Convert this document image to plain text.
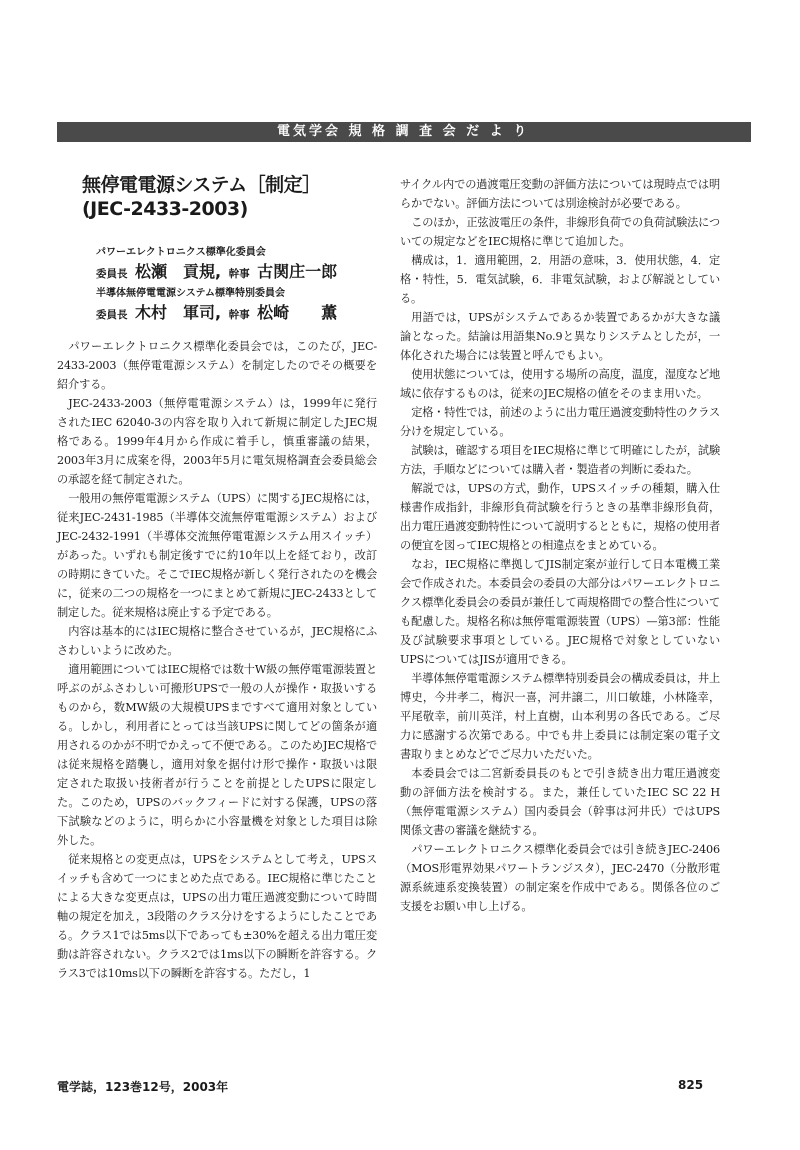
電気学会 規 格 調 査 会 だ よ り
無停電電源システム［制定］
(JEC-2433-2003)
パワーエレクトロニクス標準化委員会
委員長 松瀬　貢規, 幹事 古関庄一郎
半導体無停電電源システム標準特別委員会
委員長 木村　軍司, 幹事 松崎　　薫

パワーエレクトロニクス標準化委員会では，このたび，JEC-2433-2003（無停電電源システム）を制定したのでその概要を紹介する。

JEC-2433-2003（無停電電源システム）は，1999年に発行されたIEC 62040-3の内容を取り入れて新規に制定したJEC規格である。1999年4月から作成に着手し，慎重審議の結果，2003年3月に成案を得，2003年5月に電気規格調査会委員総会の承認を経て制定された。

一般用の無停電電源システム（UPS）に関するJEC規格には，従来JEC-2431-1985（半導体交流無停電電源システム）およびJEC-2432-1991（半導体交流無停電電源システム用スイッチ）があった。いずれも制定後すでに約10年以上を経ており，改訂の時期にきていた。そこでIEC規格が新しく発行されたのを機会に，従来の二つの規格を一つにまとめて新規にJEC-2433として制定した。従来規格は廃止する予定である。

内容は基本的にはIEC規格に整合させているが，JEC規格にふさわしいように改めた。

適用範囲についてはIEC規格では数十W級の無停電電源装置と呼ぶのがふさわしい可搬形UPSで一般の人が操作・取扱いするものから，数MW級の大規模UPSまですべて適用対象としている。しかし，利用者にとっては当該UPSに関してどの箇条が適用されるのかが不明でかえって不便である。このためJEC規格では従来規格を踏襲し，適用対象を据付け形で操作・取扱いは限定された取扱い技術者が行うことを前提としたUPSに限定した。このため，UPSのバックフィードに対する保護，UPSの落下試験などのように，明らかに小容量機を対象とした項目は除外した。

従来規格との変更点は，UPSをシステムとして考え，UPSスイッチも含めて一つにまとめた点である。IEC規格に準じたことによる大きな変更点は，UPSの出力電圧過渡変動について時間軸の規定を加え，3段階のクラス分けをするようにしたことである。クラス1では5ms以下であっても±30%を超える出力電圧変動は許容されない。クラス2では1ms以下の瞬断を許容する。クラス3では10ms以下の瞬断を許容する。ただし，1

サイクル内での過渡電圧変動の評価方法については現時点では明らかでない。評価方法については別途検討が必要である。

このほか，正弦波電圧の条件，非線形負荷での負荷試験法についての規定などをIEC規格に準じて追加した。

構成は，1．適用範囲，2．用語の意味，3．使用状態，4．定格・特性，5．電気試験，6．非電気試験，および解説としている。

用語では，UPSがシステムであるか装置であるかが大きな議論となった。結論は用語集No.9と異なりシステムとしたが，一体化された場合には装置と呼んでもよい。

使用状態については，使用する場所の高度，温度，湿度など地域に依存するものは，従来のJEC規格の値をそのまま用いた。

定格・特性では，前述のように出力電圧過渡変動特性のクラス分けを規定している。

試験は，確認する項目をIEC規格に準じて明確にしたが，試験方法，手順などについては購入者・製造者の判断に委ねた。

解説では，UPSの方式，動作，UPSスイッチの種類，購入仕様書作成指針，非線形負荷試験を行うときの基準非線形負荷，出力電圧過渡変動特性について説明するとともに，規格の使用者の便宜を図ってIEC規格との相違点をまとめている。

なお，IEC規格に準拠してJIS制定案が並行して日本電機工業会で作成された。本委員会の委員の大部分はパワーエレクトロニクス標準化委員会の委員が兼任して両規格間での整合性についても配慮した。規格名称は無停電電源装置（UPS）—第3部：性能及び試験要求事項としている。JEC規格で対象としていないUPSについてはJISが適用できる。

半導体無停電電源システム標準特別委員会の構成委員は，井上博史，今井孝二，梅沢一喜，河井譲二，川口敏雄，小林隆幸，平尾敬幸，前川英洋，村上直樹，山本利男の各氏である。ご尽力に感謝する次第である。中でも井上委員には制定案の電子文書取りまとめなどでご尽力いただいた。

本委員会では二宮新委員長のもとで引き続き出力電圧過渡変動の評価方法を検討する。また，兼任していたIEC SC 22 H（無停電電源システム）国内委員会（幹事は河井氏）ではUPS関係文書の審議を継続する。

パワーエレクトロニクス標準化委員会では引き続きJEC-2406（MOS形電界効果パワートランジスタ），JEC-2470（分散形電源系統連系変換装置）の制定案を作成中である。関係各位のご支援をお願い申し上げる。

電学誌，123巻12号，2003年	825
